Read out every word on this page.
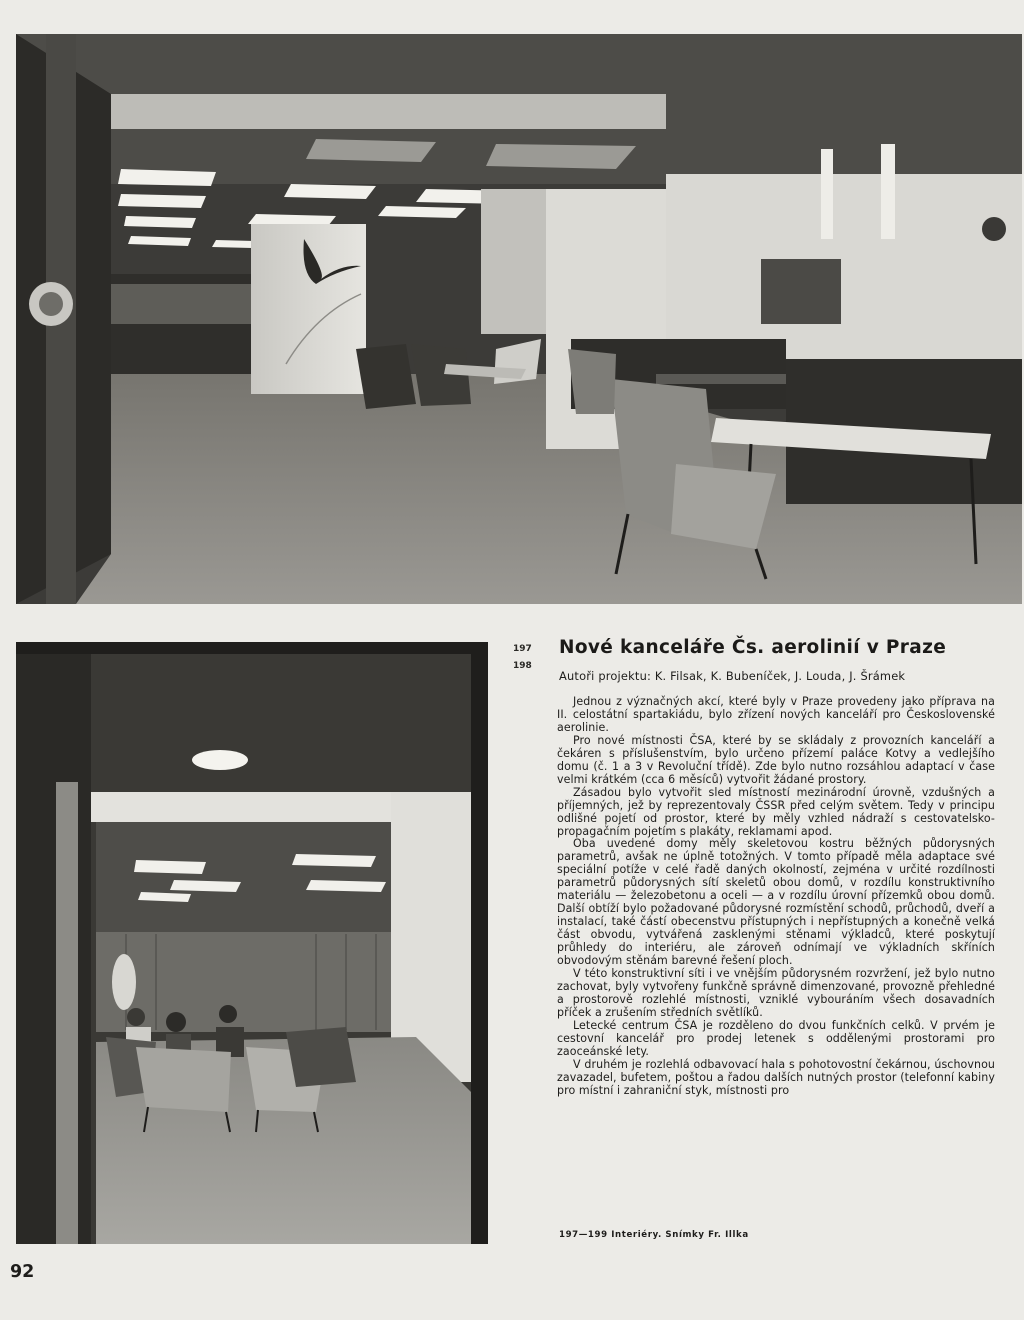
197
198
Nové kanceláře Čs. aerolinií v Praze
Autoři projektu: K. Filsak, K. Bubeníček, J. Louda, J. Šrámek

Jednou z význačných akcí, které byly v Praze provedeny jako příprava na II. celostátní spartakiádu, bylo zřízení nových kanceláří pro Československé aerolinie.

Pro nové místnosti ČSA, které by se skládaly z provozních kanceláří a čekáren s příslušenstvím, bylo určeno přízemí paláce Kotvy a vedlejšího domu (č. 1 a 3 v Revoluční třídě). Zde bylo nutno rozsáhlou adaptací v čase velmi krátkém (cca 6 měsíců) vytvořit žádané prostory.

Zásadou bylo vytvořit sled místností mezinárodní úrovně, vzdušných a příjemných, jež by reprezentovaly ČSSR před celým světem. Tedy v principu odlišné pojetí od prostor, které by měly vzhled nádraží s cestovatelsko-propagačním pojetím s plakáty, reklamami apod.

Oba uvedené domy měly skeletovou kostru běžných půdorysných parametrů, avšak ne úplně totožných. V tomto případě měla adaptace své speciální potíže v celé řadě daných okolností, zejména v určité rozdílnosti parametrů půdorysných sítí skeletů obou domů, v rozdílu konstruktivního materiálu — železobetonu a oceli — a v rozdílu úrovní přízemků obou domů. Další obtíží bylo požadované půdorysné rozmístění schodů, průchodů, dveří a instalací, také částí obecenstvu přístupných i nepřístupných a konečně velká část obvodu, vytvářená zasklenými stěnami výkladců, které poskytují průhledy do interiéru, ale zároveň odnímají ve výkladních skříních obvodovým stěnám barevné řešení ploch.

V této konstruktivní síti i ve vnějším půdorysném rozvržení, jež bylo nutno zachovat, byly vytvořeny funkčně správně dimenzované, provozně přehledné a prostorově rozlehlé místnosti, vzniklé vybouráním všech dosavadních příček a zrušením středních světlíků.

Letecké centrum ČSA je rozděleno do dvou funkčních celků. V prvém je cestovní kancelář pro prodej letenek s oddělenými prostorami pro zaoceánské lety.

V druhém je rozlehlá odbavovací hala s pohotovostní čekárnou, úschovnou zavazadel, bufetem, poštou a řadou dalších nutných prostor (telefonní kabiny pro místní i zahraniční styk, místnosti pro

197—199 Interiéry. Snímky Fr. Illka
92
